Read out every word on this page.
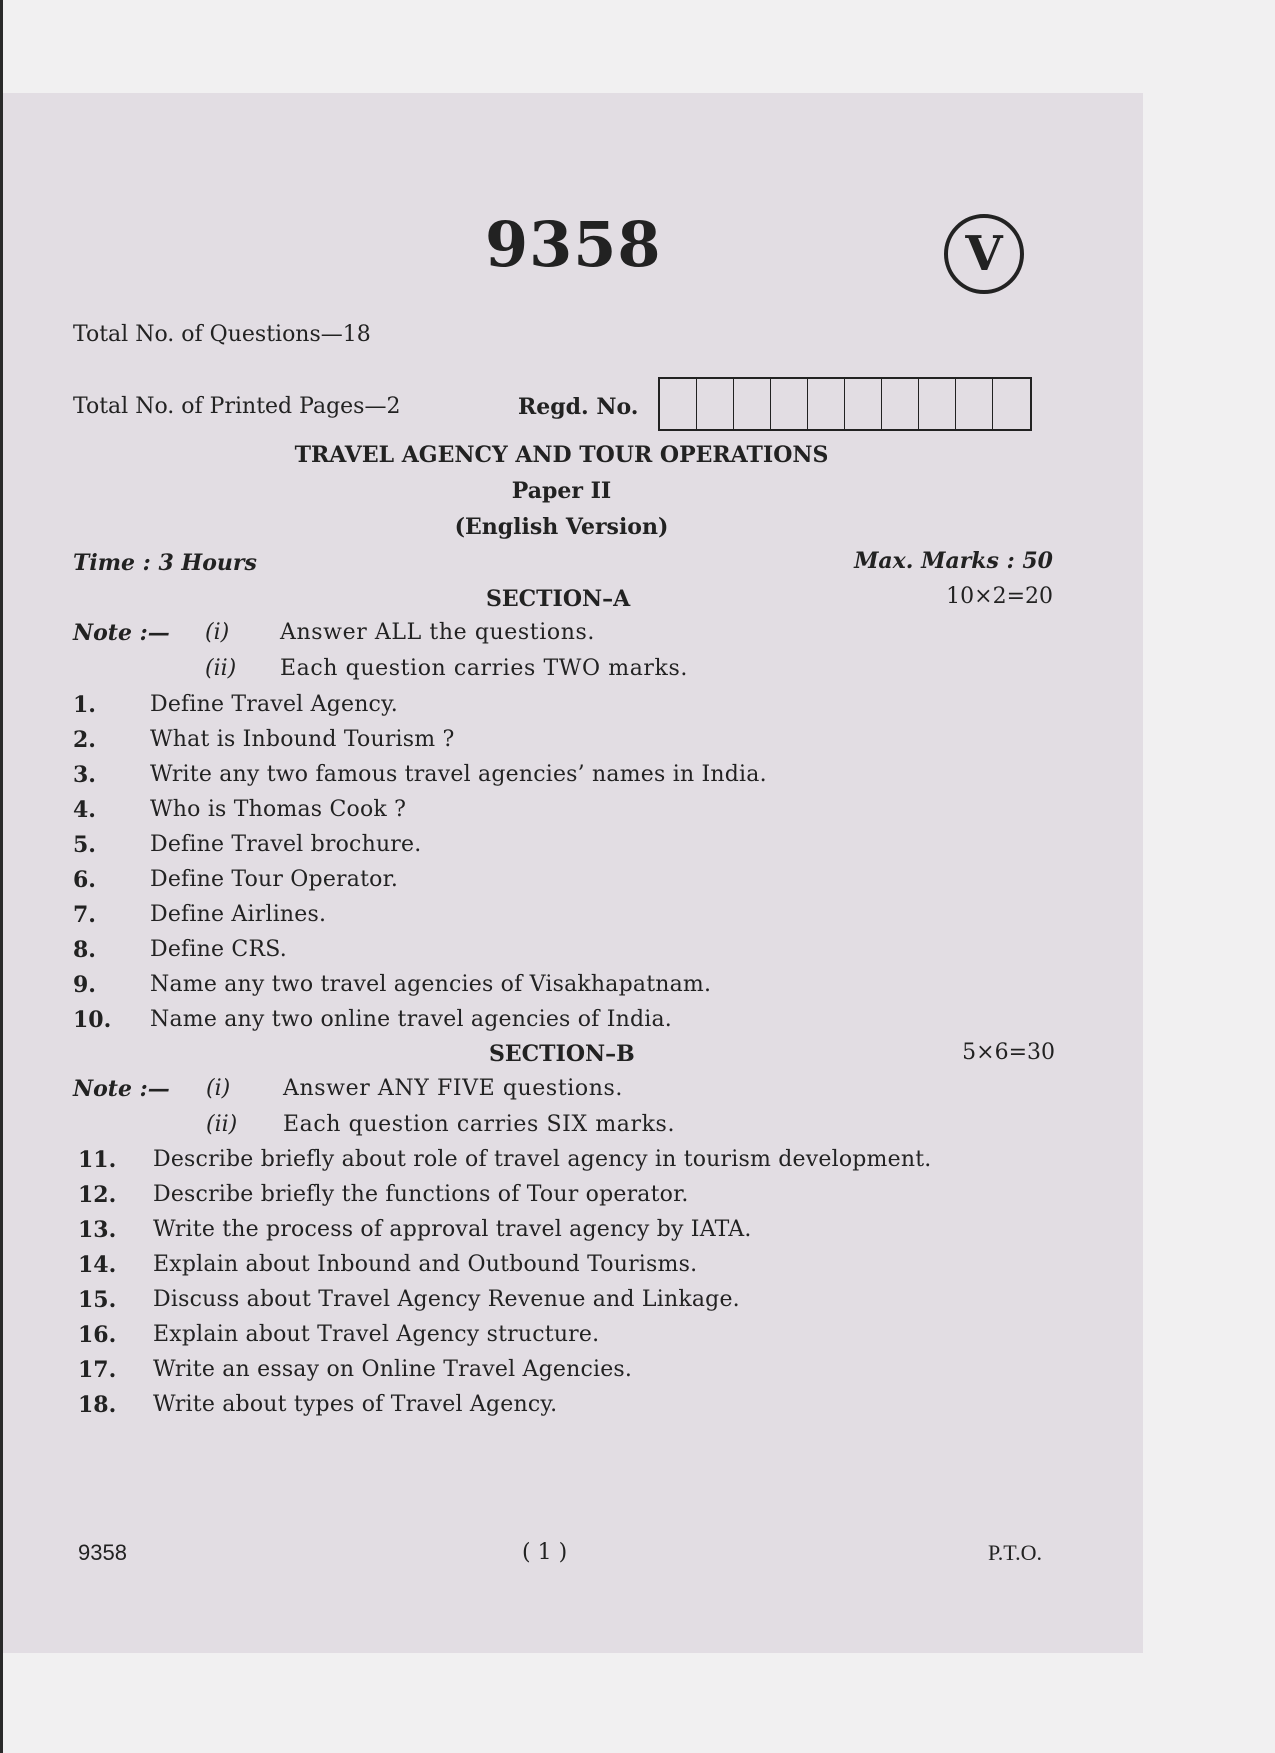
9358	V
Total No. of Questions—18
Total No. of Printed Pages—2	Regd. No.
TRAVEL AGENCY AND TOUR OPERATIONS
Paper II
(English Version)
Time : 3 Hours	Max. Marks : 50
SECTION–A	10×2=20
Note :— (i) Answer ALL the questions.
(ii) Each question carries TWO marks.
1. Define Travel Agency.
2. What is Inbound Tourism ?
3. Write any two famous travel agencies’ names in India.
4. Who is Thomas Cook ?
5. Define Travel brochure.
6. Define Tour Operator.
7. Define Airlines.
8. Define CRS.
9. Name any two travel agencies of Visakhapatnam.
10. Name any two online travel agencies of India.
SECTION–B	5×6=30
Note :— (i) Answer ANY FIVE questions.
(ii) Each question carries SIX marks.
11. Describe briefly about role of travel agency in tourism development.
12. Describe briefly the functions of Tour operator.
13. Write the process of approval travel agency by IATA.
14. Explain about Inbound and Outbound Tourisms.
15. Discuss about Travel Agency Revenue and Linkage.
16. Explain about Travel Agency structure.
17. Write an essay on Online Travel Agencies.
18. Write about types of Travel Agency.
9358	( 1 )	P.T.O.
